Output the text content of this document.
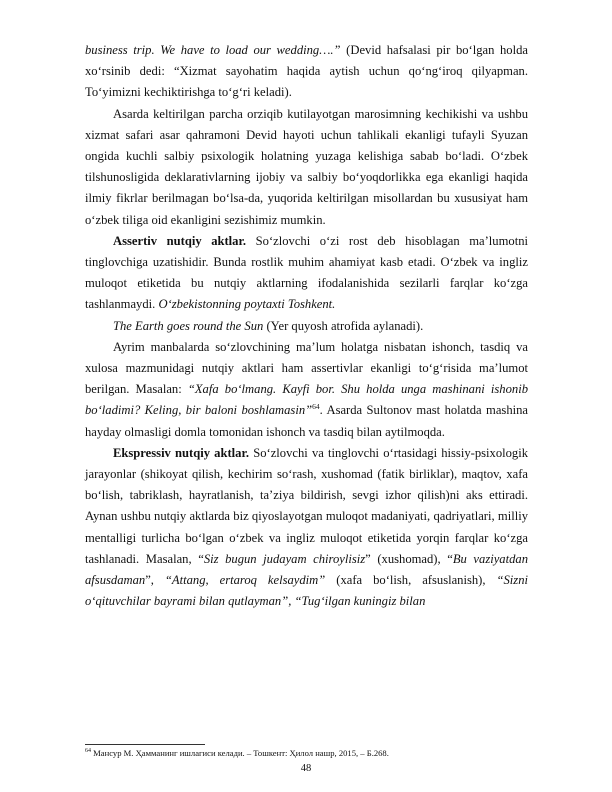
business trip. We have to load our wedding….” (Devid hafsalasi pir bo‘lgan holda xo‘rsinib dedi: “Xizmat sayohatim haqida aytish uchun qo‘ng‘iroq qilyapman. To‘yimizni kechiktirishga to‘g‘ri keladi).

Asarda keltirilgan parcha orziqib kutilayotgan marosimning kechikishi va ushbu xizmat safari asar qahramoni Devid hayoti uchun tahlikali ekanligi tufayli Syuzan ongida kuchli salbiy psixologik holatning yuzaga kelishiga sabab bo‘ladi. O‘zbek tilshunosligida deklarativlarning ijobiy va salbiy bo‘yoqdorlikka ega ekanligi haqida ilmiy fikrlar berilmagan bo‘lsa-da, yuqorida keltirilgan misollardan bu xususiyat ham o‘zbek tiliga oid ekanligini sezishimiz mumkin.

Assertiv nutqiy aktlar. So‘zlovchi o‘zi rost deb hisoblagan ma’lumotni tinglovchiga uzatishidir. Bunda rostlik muhim ahamiyat kasb etadi. O‘zbek va ingliz muloqot etiketida bu nutqiy aktlarning ifodalanishida sezilarli farqlar ko‘zga tashlanmaydi. O‘zbekistonning poytaxti Toshkent.

The Earth goes round the Sun (Yer quyosh atrofida aylanadi).

Ayrim manbalarda so‘zlovchining ma’lum holatga nisbatan ishonch, tasdiq va xulosa mazmunidagi nutqiy aktlari ham assertivlar ekanligi to‘g‘risida ma’lumot berilgan. Masalan: “Xafa bo‘lmang. Kayfi bor. Shu holda unga mashinani ishonib bo‘ladimi? Keling, bir baloni boshlamasin”$^{64}$. Asarda Sultonov mast holatda mashina hayday olmasligi domla tomonidan ishonch va tasdiq bilan aytilmoqda.

Ekspressiv nutqiy aktlar. So‘zlovchi va tinglovchi o‘rtasidagi hissiy-psixologik jarayonlar (shikoyat qilish, kechirim so‘rash, xushomad (fatik birliklar), maqtov, xafa bo‘lish, tabriklash, hayratlanish, ta’ziya bildirish, sevgi izhor qilish)ni aks ettiradi. Aynan ushbu nutqiy aktlarda biz qiyoslayotgan muloqot madaniyati, qadriyatlari, milliy mentalligi turlicha bo‘lgan o‘zbek va ingliz muloqot etiketida yorqin farqlar ko‘zga tashlanadi. Masalan, “Siz bugun judayam chiroylisiz” (xushomad), “Bu vaziyatdan afsusdaman”, “Attang, ertaroq kelsaydim” (xafa bo‘lish, afsuslanish), “Sizni o‘qituvchilar bayrami bilan qutlayman”, “Tug‘ilgan kuningiz bilan

$^{64}$ Мансур М. Ҳамманинг ишлагиси келади. – Тошкент: Ҳилол нашр, 2015, – Б.268.
48
